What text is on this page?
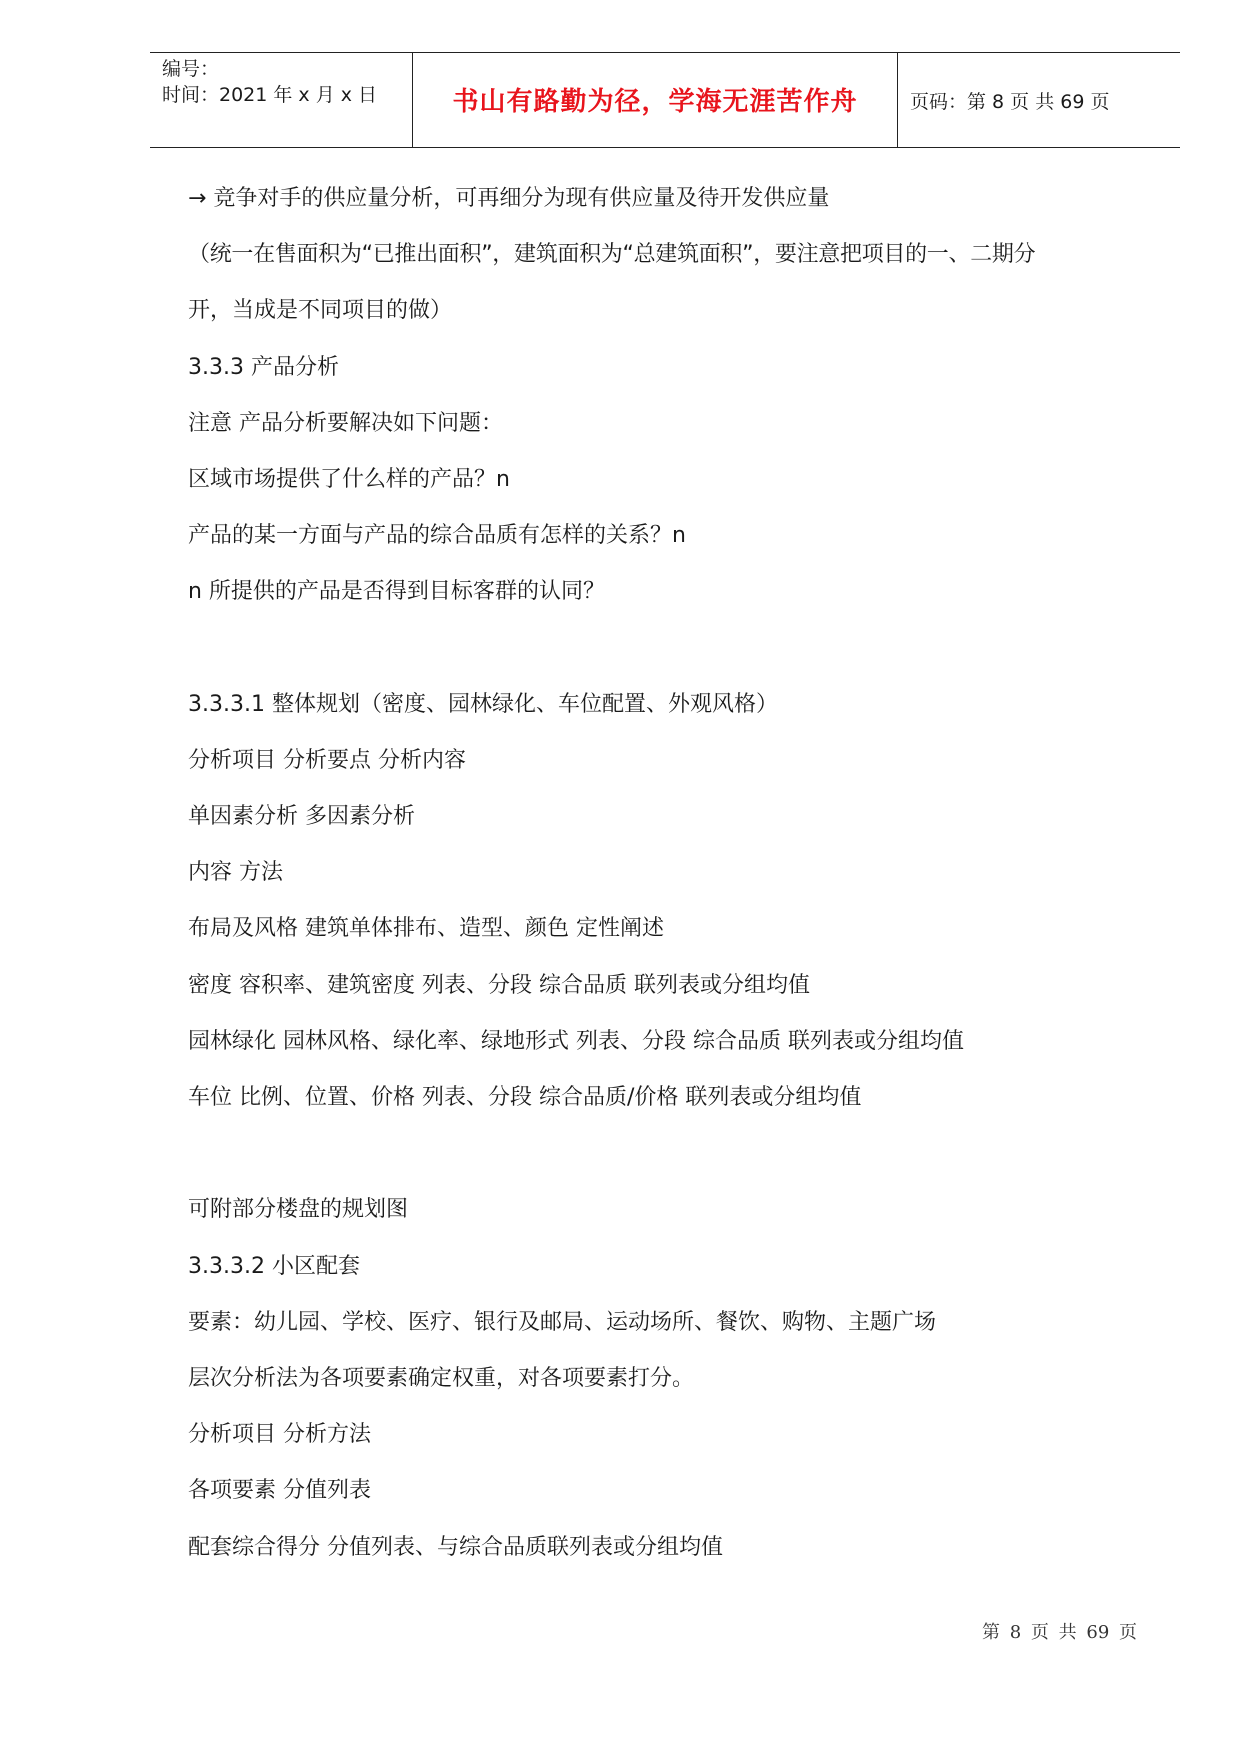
编号：
时间：2021 年 x 月 x 日	书山有路勤为径，学海无涯苦作舟	页码：第 8 页 共 69 页
→ 竞争对手的供应量分析，可再细分为现有供应量及待开发供应量
（统一在售面积为“已推出面积”，建筑面积为“总建筑面积”，要注意把项目的一、二期分
开，当成是不同项目的做）
3.3.3 产品分析
注意 产品分析要解决如下问题：
区域市场提供了什么样的产品？n
产品的某一方面与产品的综合品质有怎样的关系？n
n 所提供的产品是否得到目标客群的认同？
3.3.3.1 整体规划（密度、园林绿化、车位配置、外观风格）
分析项目 分析要点 分析内容
单因素分析 多因素分析
内容 方法
布局及风格 建筑单体排布、造型、颜色 定性阐述
密度 容积率、建筑密度 列表、分段 综合品质 联列表或分组均值
园林绿化 园林风格、绿化率、绿地形式 列表、分段 综合品质 联列表或分组均值
车位 比例、位置、价格 列表、分段 综合品质/价格 联列表或分组均值
可附部分楼盘的规划图
3.3.3.2 小区配套
要素：幼儿园、学校、医疗、银行及邮局、运动场所、餐饮、购物、主题广场
层次分析法为各项要素确定权重，对各项要素打分。
分析项目 分析方法
各项要素 分值列表
配套综合得分 分值列表、与综合品质联列表或分组均值
第 8 页 共 69 页
